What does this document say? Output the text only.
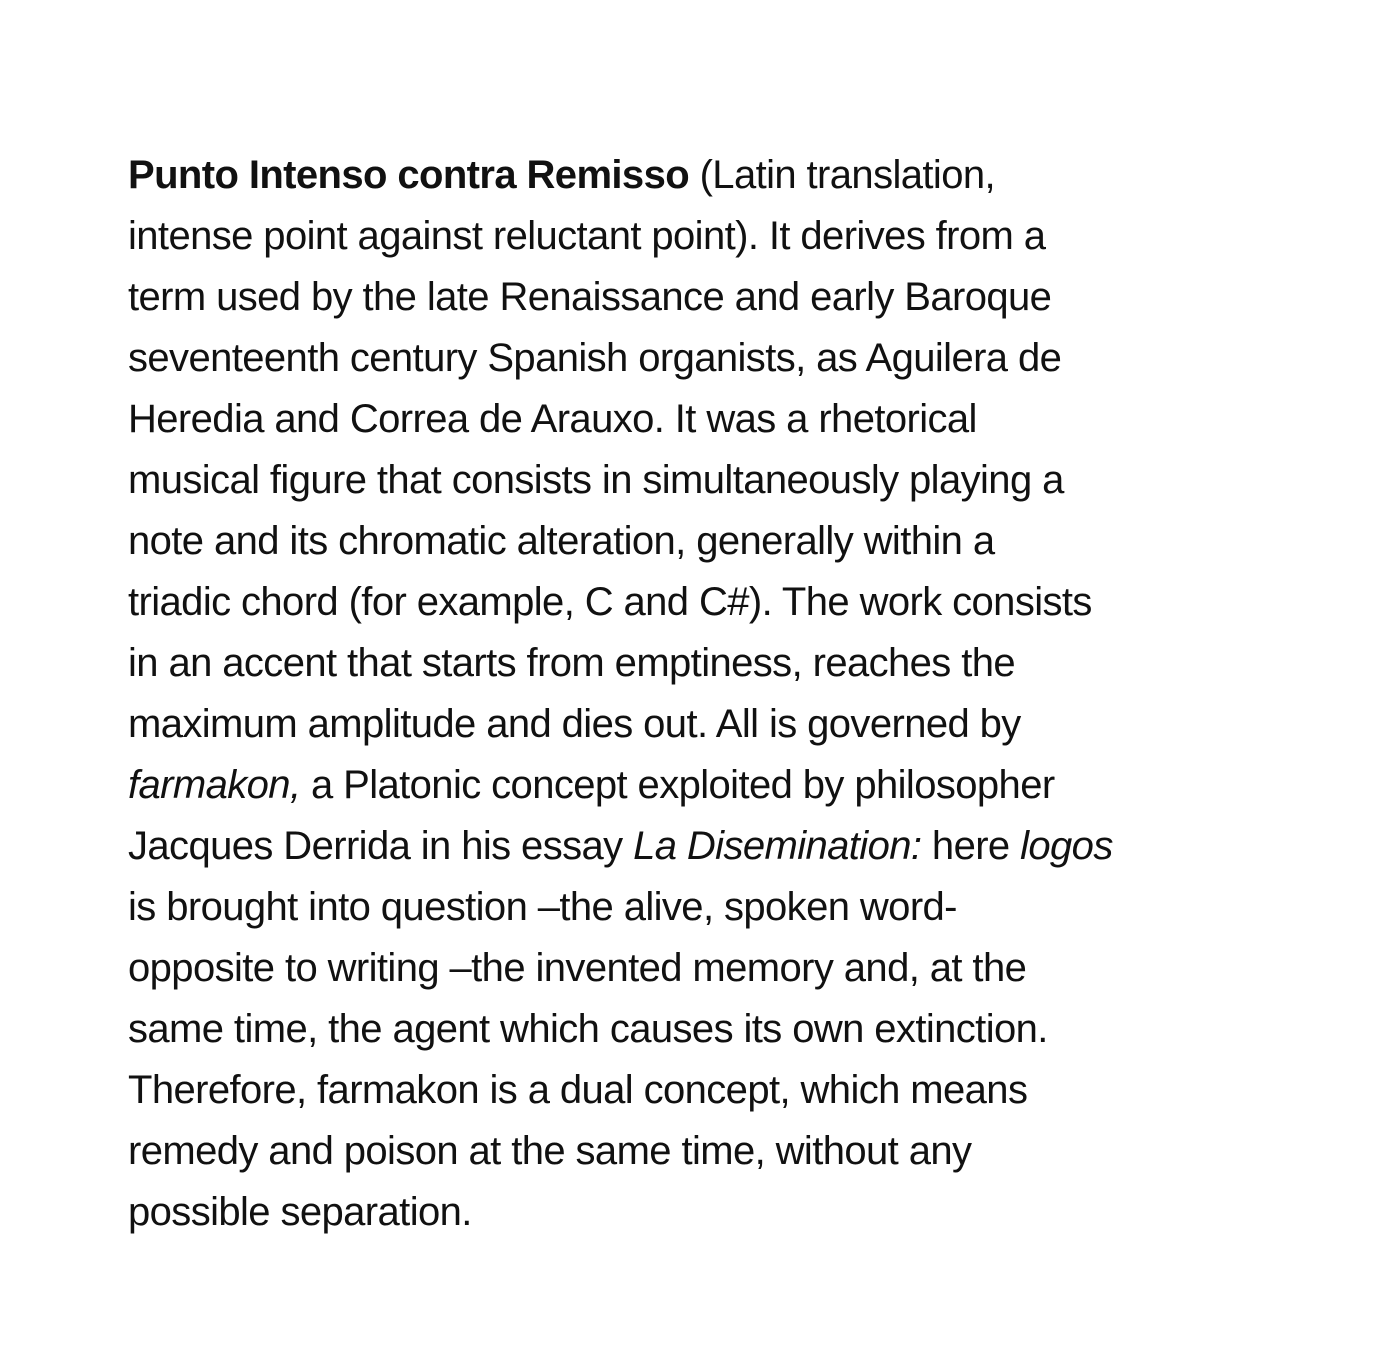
Punto Intenso contra Remisso (Latin translation,
intense point against reluctant point). It derives from a
term used by the late Renaissance and early Baroque
seventeenth century Spanish organists, as Aguilera de
Heredia and Correa de Arauxo. It was a rhetorical
musical figure that consists in simultaneously playing a
note and its chromatic alteration, generally within a
triadic chord (for example, C and C#). The work consists
in an accent that starts from emptiness, reaches the
maximum amplitude and dies out. All is governed by
farmakon, a Platonic concept exploited by philosopher
Jacques Derrida in his essay La Disemination: here logos
is brought into question –the alive, spoken word-
opposite to writing –the invented memory and, at the
same time, the agent which causes its own extinction.
Therefore, farmakon is a dual concept, which means
remedy and poison at the same time, without any
possible separation.
